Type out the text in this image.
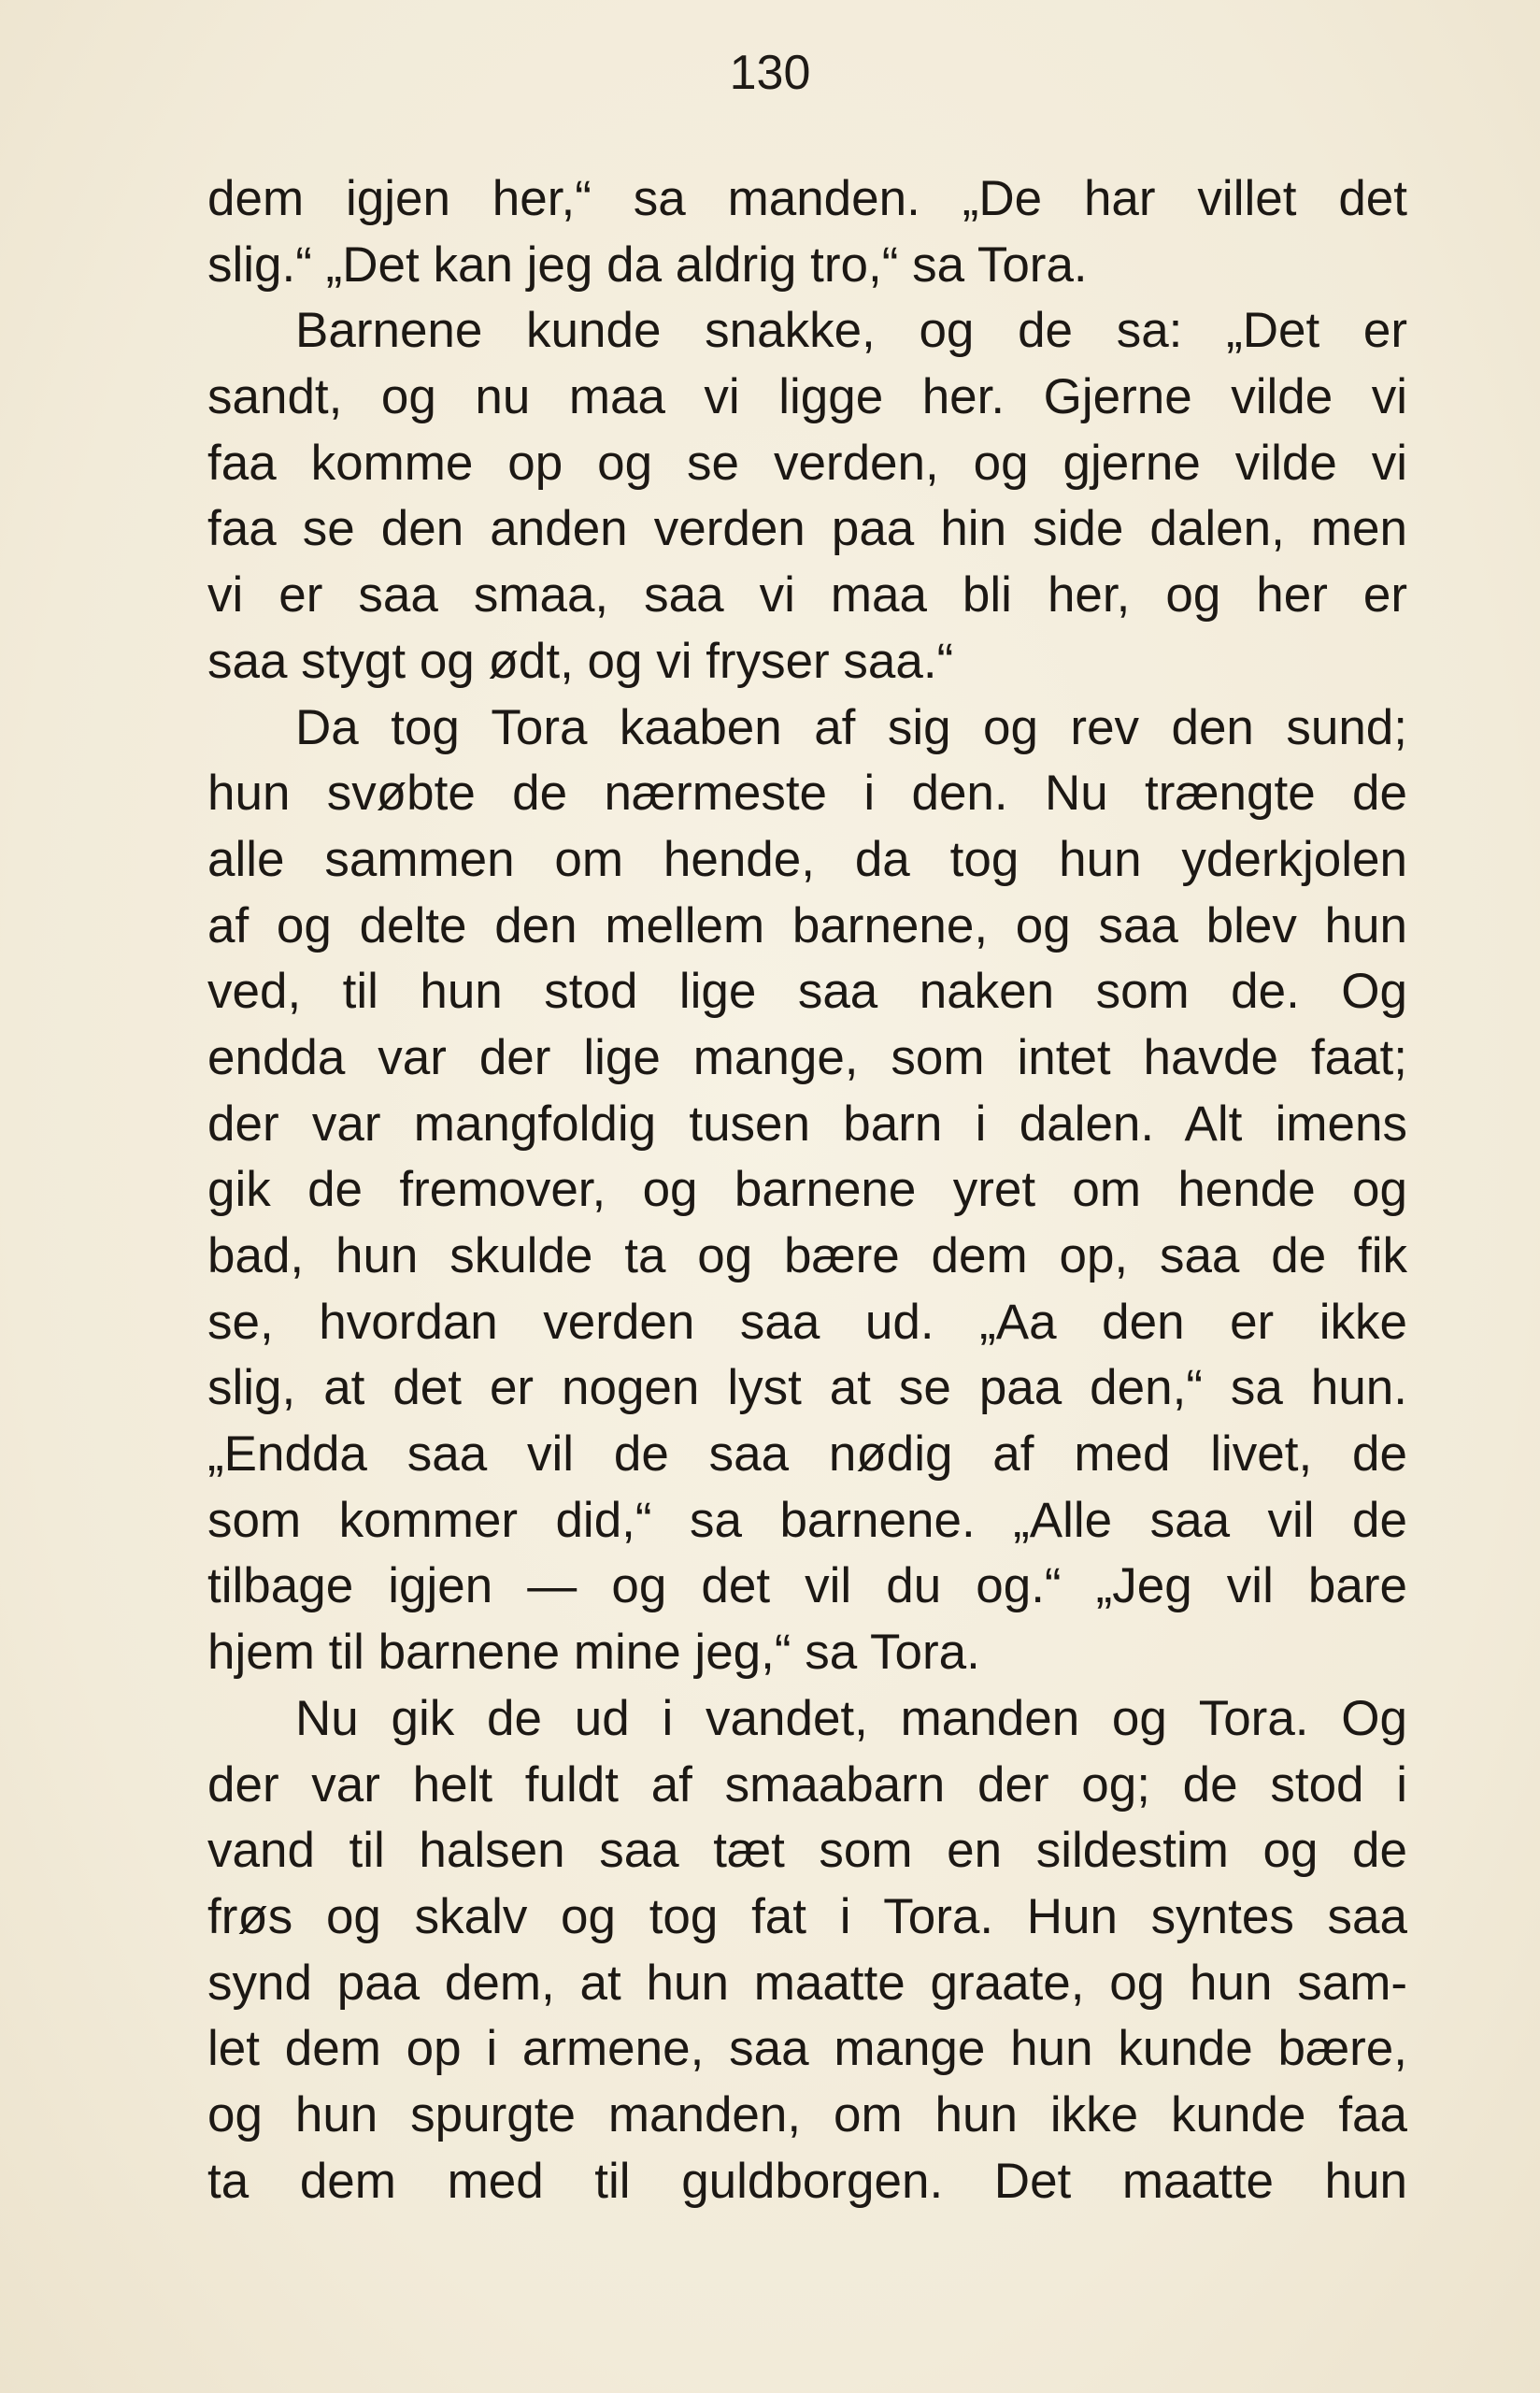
130
dem igjen her,“ sa manden. „De har villet det
slig.“ „Det kan jeg da aldrig tro,“ sa Tora.
Barnene kunde snakke, og de sa: „Det er
sandt, og nu maa vi ligge her. Gjerne vilde vi
faa komme op og se verden, og gjerne vilde vi
faa se den anden verden paa hin side dalen, men
vi er saa smaa, saa vi maa bli her, og her er
saa stygt og ødt, og vi fryser saa.“
Da tog Tora kaaben af sig og rev den sund;
hun svøbte de nærmeste i den. Nu trængte de
alle sammen om hende, da tog hun yderkjolen
af og delte den mellem barnene, og saa blev hun
ved, til hun stod lige saa naken som de. Og
endda var der lige mange, som intet havde faat;
der var mangfoldig tusen barn i dalen. Alt imens
gik de fremover, og barnene yret om hende og
bad, hun skulde ta og bære dem op, saa de fik
se, hvordan verden saa ud. „Aa den er ikke
slig, at det er nogen lyst at se paa den,“ sa hun.
„Endda saa vil de saa nødig af med livet, de
som kommer did,“ sa barnene. „Alle saa vil de
tilbage igjen — og det vil du og.“ „Jeg vil bare
hjem til barnene mine jeg,“ sa Tora.
Nu gik de ud i vandet, manden og Tora. Og
der var helt fuldt af smaabarn der og; de stod i
vand til halsen saa tæt som en sildestim og de
frøs og skalv og tog fat i Tora. Hun syntes saa
synd paa dem, at hun maatte graate, og hun sam-
let dem op i armene, saa mange hun kunde bære,
og hun spurgte manden, om hun ikke kunde faa
ta dem med til guldborgen. Det maatte hun
